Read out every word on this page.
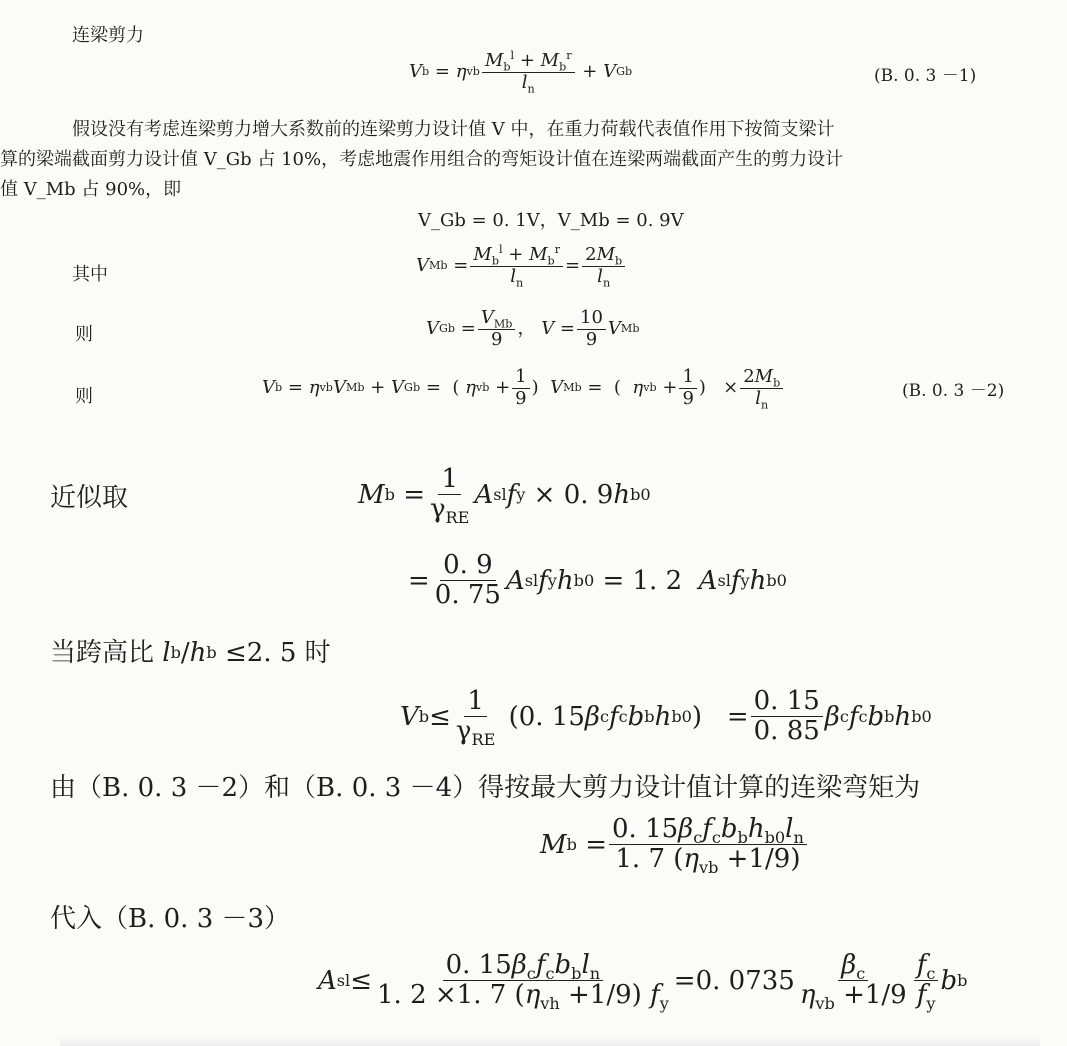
连梁剪力
V b = η vb $\frac{M_b^l + M_b^r}{l_n} + V$ Gb	(B. 0. 3 －1)
假设没有考虑连梁剪力增大系数前的连梁剪力设计值 V 中，在重力荷载代表值作用下按简支梁计
算的梁端截面剪力设计值 V_Gb 占 10%，考虑地震作用组合的弯矩设计值在连梁两端截面产生的剪力设计
值 V_Mb 占 90%，即
V_Gb = 0. 1V，V_Mb = 0. 9V
其中	V $Mb = \frac{M_b^l + M_b^r}{l_n} = \frac{2M_b}{l_n}$
则	V $Gb = \frac{V_{Mb}}{9}$ ， $V = \frac{10}{9}$ V Mb
则	V b = η vb V Mb + V Gb =  ( η vb + $\frac{1}{9}$ ) V Mb =  ( η vb + $\frac{1}{9}$ )   × $\frac{2M_b}{l_n}$	(B. 0. 3 －2)
近似取	M $b = \frac{1}{\gamma_{RE}}$ A sl f y × 0. 9 h b0
= $\frac{0. 9}{0. 75}$ A sl f y h b0 = 1. 2 A sl f y h b0
当跨高比 l b / h b ≤2. 5 时
V $b \le \frac{1}{\gamma_{RE}} (0$. 15 β c f c b b h b0 )   = $\frac{0. 15}{0. 85}$ β c f c b b h b0
由（B. 0. 3 －2）和（B. 0. 3 －4）得按最大剪力设计值计算的连梁弯矩为
M $b = \frac{0. 15\beta_cf_cb_bh_{b0}l_n}{1. 7 (\eta_{vb} +1/9)}$
代入（B. 0. 3 －3）
A sl ≤ $\frac{0. 15\beta_cf_cb_bl_n}{1. 2 \times 1. 7 (\eta_{vh} +1/9) f_y} =0$. $0735 \frac{\beta_c}{\eta_{vb} +1/9} \frac{f_c}{f_y}$ b b
